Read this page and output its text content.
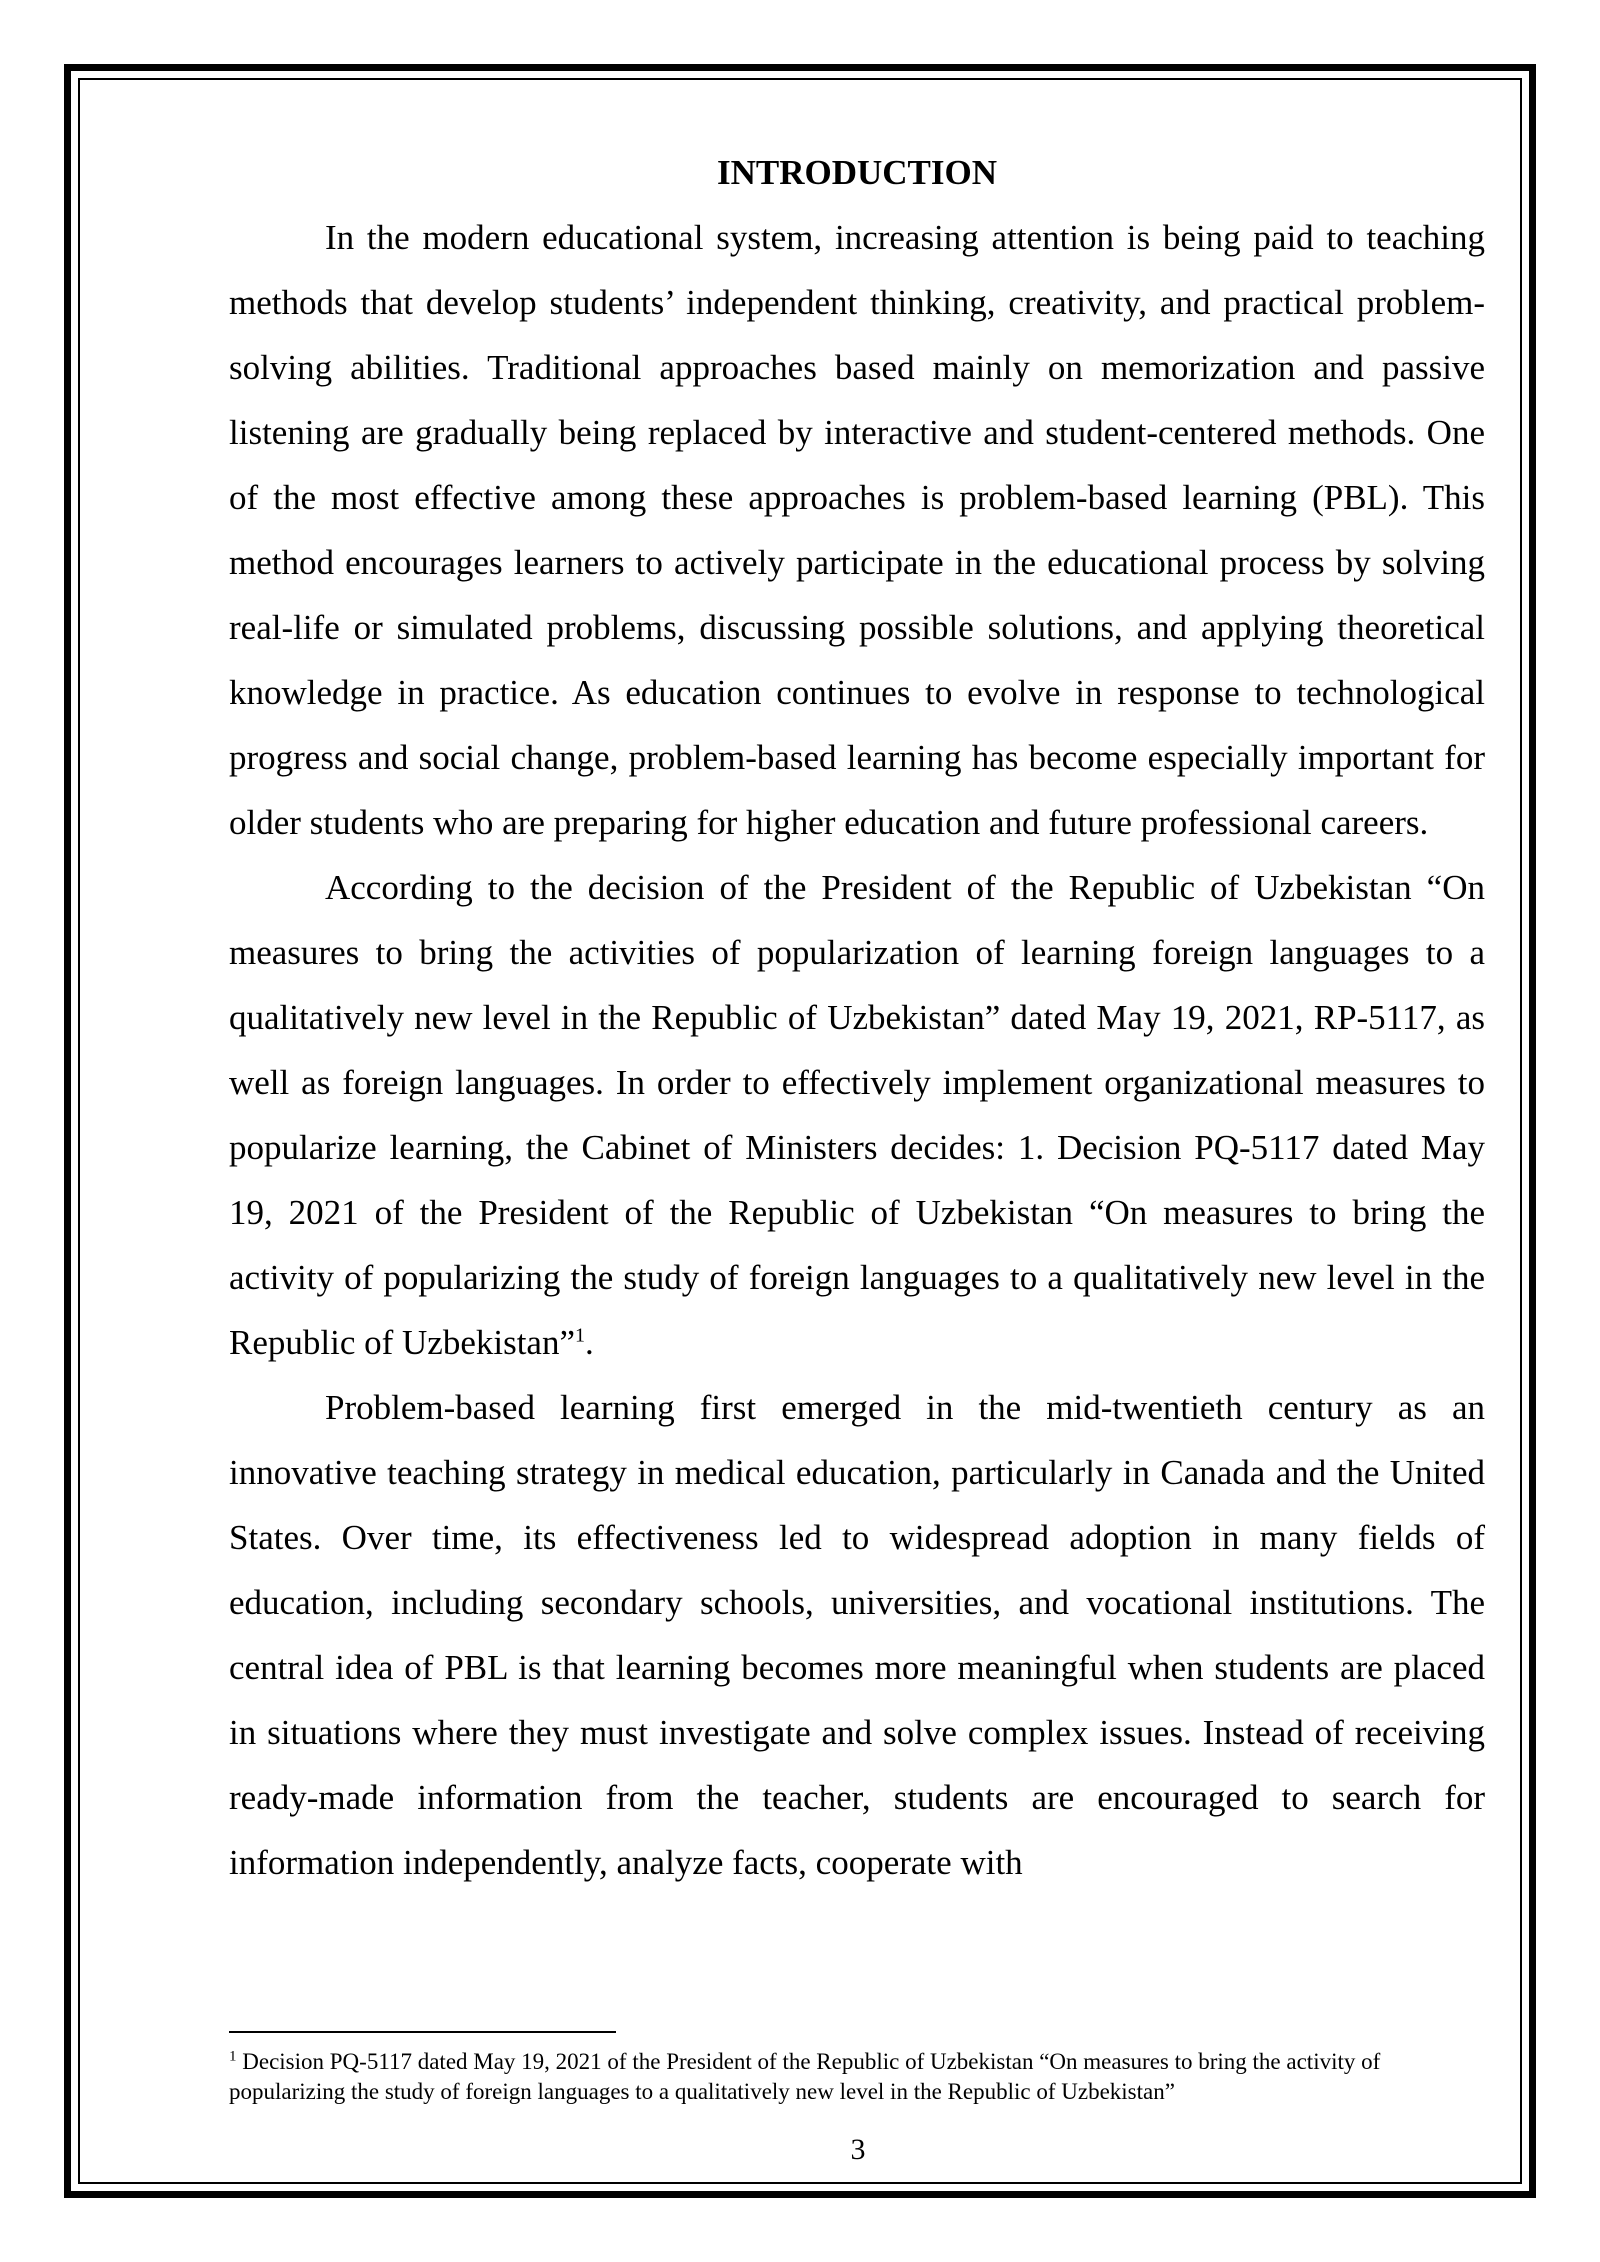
INTRODUCTION

In the modern educational system, increasing attention is being paid to teaching methods that develop students’ independent thinking, creativity, and practical problem-solving abilities. Traditional approaches based mainly on memorization and passive listening are gradually being replaced by interactive and student-centered methods. One of the most effective among these approaches is problem-based learning (PBL). This method encourages learners to actively participate in the educational process by solving real-life or simulated problems, discussing possible solutions, and applying theoretical knowledge in practice. As education continues to evolve in response to technological progress and social change, problem-based learning has become especially important for older students who are preparing for higher education and future professional careers.

According to the decision of the President of the Republic of Uzbekistan “On measures to bring the activities of popularization of learning foreign languages to a qualitatively new level in the Republic of Uzbekistan” dated May 19, 2021, RP-5117, as well as foreign languages. In order to effectively implement organizational measures to popularize learning, the Cabinet of Ministers decides: 1. Decision PQ-5117 dated May 19, 2021 of the President of the Republic of Uzbekistan “On measures to bring the activity of popularizing the study of foreign languages to a qualitatively new level in the Republic of Uzbekistan”$^1$.

Problem-based learning first emerged in the mid-twentieth century as an innovative teaching strategy in medical education, particularly in Canada and the United States. Over time, its effectiveness led to widespread adoption in many fields of education, including secondary schools, universities, and vocational institutions. The central idea of PBL is that learning becomes more meaningful when students are placed in situations where they must investigate and solve complex issues. Instead of receiving ready-made information from the teacher, students are encouraged to search for information independently, analyze facts, cooperate with

$^1$ Decision PQ-5117 dated May 19, 2021 of the President of the Republic of Uzbekistan “On measures to bring the activity of popularizing the study of foreign languages to a qualitatively new level in the Republic of Uzbekistan”

3
